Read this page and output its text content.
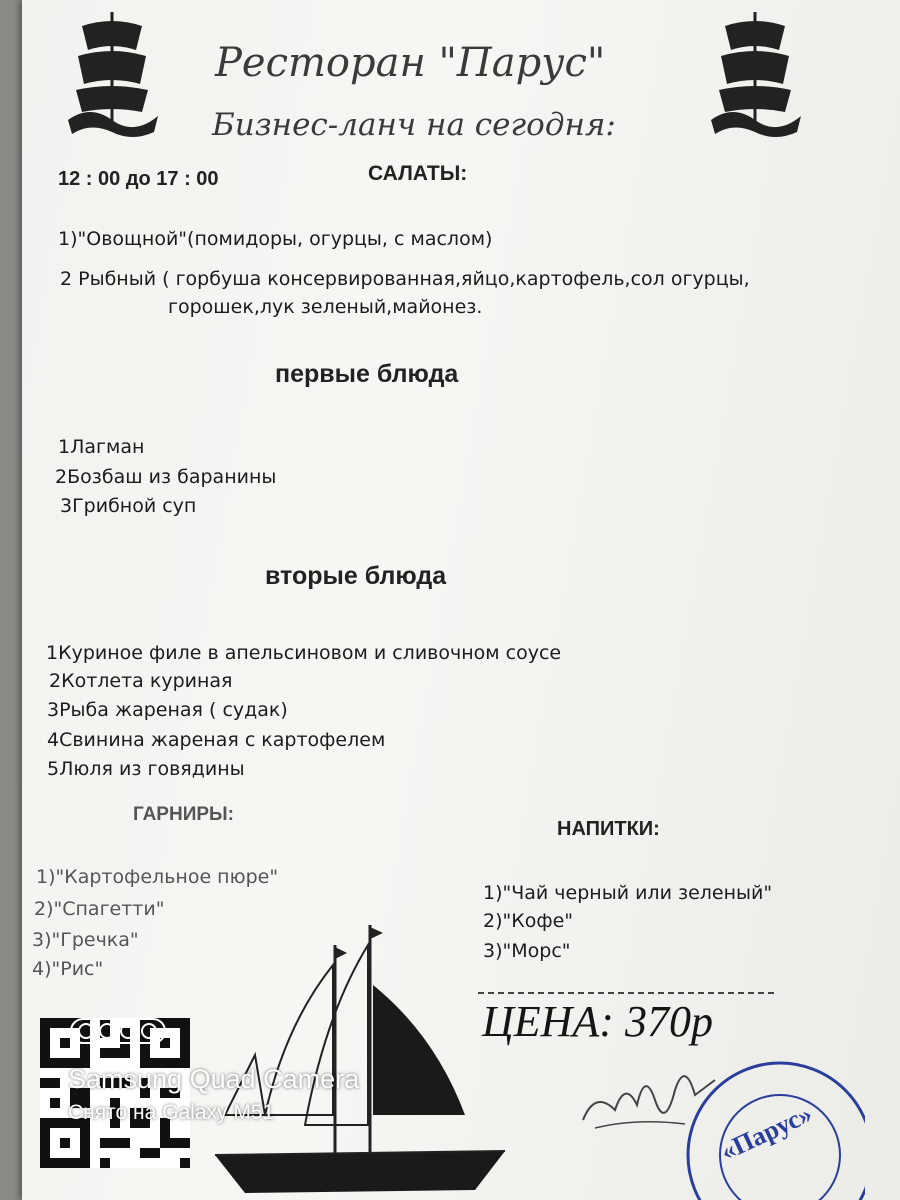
Ресторан "Парус"
Бизнес-ланч на сегодня:
12 : 00 до 17 : 00	САЛАТЫ:
1)"Овощной"(помидоры, огурцы, с маслом)
2 Рыбный ( горбуша консервированная,яйцо,картофель,сол огурцы,
горошек,лук зеленый,майонез.
первые блюда
1Лагман
2Бозбаш из баранины
3Грибной суп
вторые блюда
1Куриное филе в апельсиновом и сливочном соусе
2Котлета куриная
3Рыба жареная ( судак)
4Свинина жареная с картофелем
5Люля из говядины
ГАРНИРЫ:
1)"Картофельное пюре"
2)"Спагетти"
3)"Гречка"
4)"Рис"
НАПИТКИ:
1)"Чай черный или зеленый"
2)"Кофе"
3)"Морс"
ЦЕНА: 370р
Samsung Quad Camera
Снято на Galaxy M51	«Парус»
